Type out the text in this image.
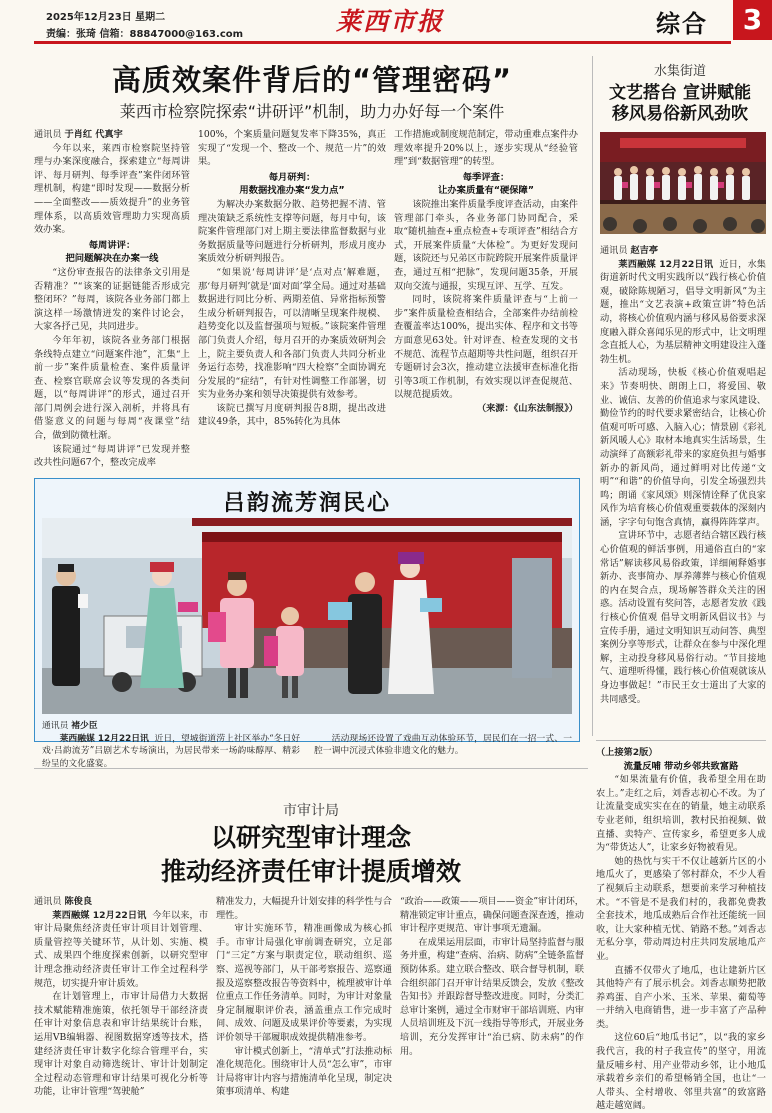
2025年12月23日 星期二
责编：张琦 信箱：88847000@163.com	莱西市报	综合	3
高质效案件背后的“管理密码”
莱西市检察院探索“讲研评”机制，助力办好每一个案件

通讯员 于肖红 代真宇

今年以来，莱西市检察院坚持管理与办案深度融合，探索建立“每周讲评、每月研判、每季评查”案件闭环管理机制，构建“即时发现——数据分析——全面整改——质效提升”的业务管理体系，以高质效管理助力实现高质效办案。

每周讲评：

把问题解决在办案一线

“这份审查报告的法律条文引用是否精准？”“该案的证据链能否形成完整闭环？”每周，该院各业务部门都上演这样一场激情迸发的案件讨论会，大家各抒己见，共同进步。

今年年初，该院各业务部门根据条线特点建立“问题案件池”，汇集“上前一步”案件质量检查、案件质量评查、检察官联席会议等发现的各类问题，以“每周讲评”的形式，通过召开部门周例会进行深入剖析，并将具有借鉴意义的问题与每周“夜课堂”结合，做到防微杜渐。

该院通过“每周讲评”已发现并整改共性问题67个，整改完成率

100%，个案质量问题复发率下降35%，真正实现了“发现一个、整改一个、规范一片”的效果。

每月研判：

用数据找准办案“发力点”

为解决办案数据分散、趋势把握不清、管理决策缺乏系统性支撑等问题，每月中旬，该院案件管理部门对上期主要法律监督数据与业务数据质量等问题进行分析研判，形成月度办案质效分析研判报告。

“如果说‘每周讲评’是‘点对点’解难题，那‘每月研判’就是‘面对面’掌全局。通过对基础数据进行同比分析、两期差值、异常指标预警生成分析研判报告，可以清晰呈现案件规模、趋势变化以及监督强项与短板。”该院案件管理部门负责人介绍，每月召开的办案质效研判会上，院主要负责人和各部门负责人共同分析业务运行态势，找准影响“四大检察”全面协调充分发展的“症结”，有针对性调整工作部署，切实为业务办案和领导决策提供有效参考。

该院已撰写月度研判报告8期，提出改进建议49条，其中，85%转化为具体

工作措施或制度规范制定，带动重难点案件办理效率提升20%以上，逐步实现从“经验管理”到“数据管理”的转型。

每季评查：

让办案质量有“硬保障”

该院推出案件质量季度评查活动，由案件管理部门牵头，各业务部门协同配合，采取“随机抽查+重点检查+专项评查”相结合方式，开展案件质量“大体检”。为更好发现问题，该院还与兄弟区市院跨院开展案件质量评查，通过互相“把脉”，发现问题35条，开展双向交流与通报，实现互评、互学、互发。

同时，该院将案件质量评查与“上前一步”案件质量检查相结合，全部案件办结前检查覆盖率达100%，提出实体、程序和文书等方面意见63处。针对评查、检查发现的文书不规范、流程节点超期等共性问题，组织召开专题研讨会3次，推动建立法援审查标准化指引等3项工作机制，有效实现以评查促规范、以规范提质效。

（来源：《山东法制报》）

水集街道
文艺搭台 宣讲赋能
移风易俗新风劲吹

通讯员 赵吉亭

莱西融媒 12月22日讯 近日，水集街道新时代文明实践所以“践行核心价值观，破除陈规陋习，倡导文明新风”为主题，推出“文艺表演+政策宣讲”特色活动，将核心价值观内涵与移风易俗要求深度融入群众喜闻乐见的形式中，让文明理念直抵人心，为基层精神文明建设注入蓬勃生机。

活动现场，快板《核心价值观唱起来》节奏明快、朗朗上口，将爱国、敬业、诚信、友善的价值追求与家风建设、勤俭节约的时代要求紧密结合，让核心价值观可听可感、入脑入心；情景剧《彩礼新风暖人心》取材本地真实生活场景，生动演绎了高额彩礼带来的家庭负担与婚事新办的新风尚，通过鲜明对比传递“文明”“和谐”的价值导向，引发全场强烈共鸣；朗诵《家风颂》则深情诠释了优良家风作为培育核心价值观重要载体的深刻内涵，字字句句饱含真情，赢得阵阵掌声。

宣讲环节中，志愿者结合辖区践行核心价值观的鲜活事例，用通俗直白的“家常话”解读移风易俗政策，详细阐释婚事新办、丧事简办、厚养薄葬与核心价值观的内在契合点，现场解答群众关注的困惑。活动设置有奖问答，志愿者发放《践行核心价值观 倡导文明新风倡议书》与宣传手册，通过文明知识互动问答、典型案例分享等形式，让群众在参与中深化理解，主动投身移风易俗行动。“节目接地气、道理听得懂，践行核心价值观就该从身边事做起！”市民王女士道出了大家的共同感受。

吕韵流芳润民心

通讯员 褚少臣

莱西融媒 12月22日讯 近日，望城街道涝上社区举办“冬日好戏·吕韵流芳”吕剧艺术专场演出，为居民带来一场韵味醇厚、精彩纷呈的文化盛宴。

活动现场还设置了戏曲互动体验环节，居民们在一招一式、一腔一调中沉浸式体验非遗文化的魅力。	（上接第2版）

流量反哺 带动乡邻共致富路

“如果流量有价值，我希望全用在助农上。”走红之后，刘香志初心不改。为了让流量变成实实在在的销量，她主动联系专业老师，组织培训，教村民拍视频、做直播、卖特产、宣传家乡，希望更多人成为“带货达人”，让家乡好物被看见。

她的热忱与实干不仅让越新片区的小地瓜火了，更感染了邻村群众，不少人看了视频后主动联系，想要前来学习种植技术。“不管是不是我们村的，我都免费教全套技术，地瓜成熟后合作社还能统一回收，让大家种植无忧、销路不愁。”刘香志无私分享，带动周边村庄共同发展地瓜产业。

直播不仅带火了地瓜，也让建新片区其他特产有了展示机会。刘香志顺势把散养鸡蛋、自产小米、玉米、苹果、葡萄等一并纳入电商销售，进一步丰富了产品种类。

这位60后“地瓜书记”，以“我的家乡我代言，我的村子我宣传”的坚守，用流量反哺乡村、用产业带动乡邻，让小地瓜承载着乡亲们的希望畅销全国，也让“一人带头、全村增收、邻里共富”的致富路越走越宽阔。

市审计局
以研究型审计理念
推动经济责任审计提质增效

通讯员 陈俊良

莱西融媒 12月22日讯 今年以来，市审计局聚焦经济责任审计项目计划管理、质量管控等关键环节，从计划、实施、模式、成果四个维度探索创新，以研究型审计理念推动经济责任审计工作全过程科学规范，切实提升审计质效。

在计划管理上，市审计局借力大数据技术赋能精准施策，依托领导干部经济责任审计对象信息表和审计结果统计台账，运用VB编辑器、视图数据穿透等技术，搭建经济责任审计数字化综合管理平台，实现审计对象自动筛选统计、审计计划制定全过程动态管理和审计结果可视化分析等功能，让审计管理“驾驶舱”

精准发力，大幅提升计划安排的科学性与合理性。

审计实施环节，精准画像成为核心抓手。市审计局强化审前调查研究，立足部门“三定”方案与职责定位，联动组织、巡察、巡视等部门，从干部考察报告、巡察通报及巡察整改报告等资料中，梳理被审计单位重点工作任务清单。同时，为审计对象量身定制履职评价表，涵盖重点工作完成时间、成效、问题及成果评价等要素，为实现评价领导干部履职成效提供精准参考。

审计模式创新上，“清单式”打法推动标准化规范化。围绕审计人员“怎么审”，市审计局将审计内容与措施清单化呈现，制定决策事项清单、构建

“政治——政策——项目——资金”审计闭环，精准锁定审计重点，确保问题查深查透，推动审计程序更规范、审计事项无遗漏。

在成果运用层面，市审计局坚持监督与服务并重，构建“查病、治病、防病”全链条监督预防体系。建立联合整改、联合督导机制，联合组织部门召开审计结果反馈会，发放《整改告知书》并跟踪督导整改进度。同时，分类汇总审计案例，通过全市财审干部培训班、内审人员培训班及下沉一线指导等形式，开展业务培训，充分发挥审计“治已病、防未病”的作用。
